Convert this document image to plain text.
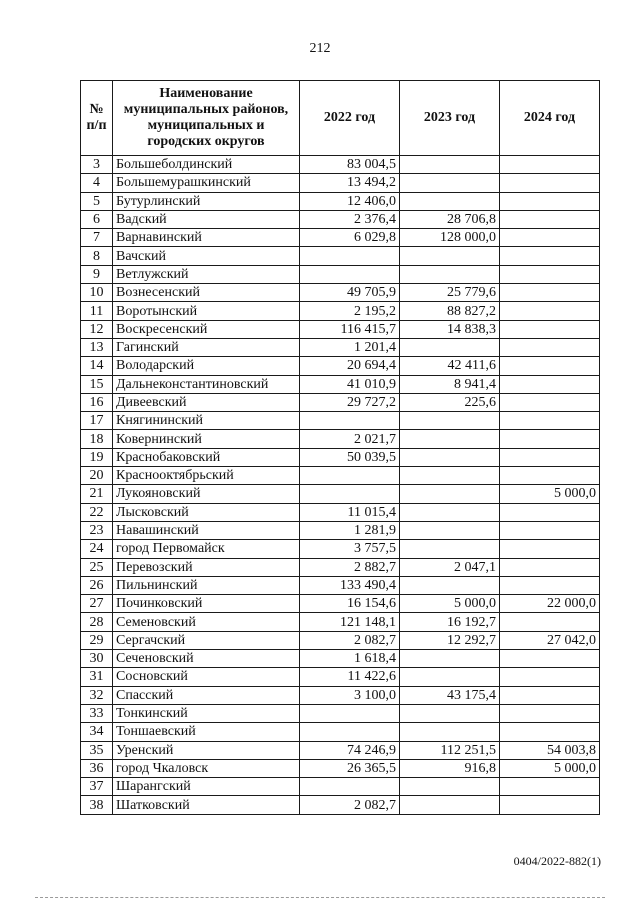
212
№ п/п	Наименование муниципальных районов, муниципальных и городских округов	2022 год	2023 год	2024 год
3	Большеболдинский	83 004,5		
4	Большемурашкинский	13 494,2		
5	Бутурлинский	12 406,0		
6	Вадский	2 376,4	28 706,8	
7	Варнавинский	6 029,8	128 000,0	
8	Вачский			
9	Ветлужский			
10	Вознесенский	49 705,9	25 779,6	
11	Воротынский	2 195,2	88 827,2	
12	Воскресенский	116 415,7	14 838,3	
13	Гагинский	1 201,4		
14	Володарский	20 694,4	42 411,6	
15	Дальнеконстантиновский	41 010,9	8 941,4	
16	Дивеевский	29 727,2	225,6	
17	Княгининский			
18	Ковернинский	2 021,7		
19	Краснобаковский	50 039,5		
20	Краснооктябрьский			
21	Лукояновский			5 000,0
22	Лысковский	11 015,4		
23	Навашинский	1 281,9		
24	город Первомайск	3 757,5		
25	Перевозский	2 882,7	2 047,1	
26	Пильнинский	133 490,4		
27	Починковский	16 154,6	5 000,0	22 000,0
28	Семеновский	121 148,1	16 192,7	
29	Сергачский	2 082,7	12 292,7	27 042,0
30	Сеченовский	1 618,4		
31	Сосновский	11 422,6		
32	Спасский	3 100,0	43 175,4	
33	Тонкинский			
34	Тоншаевский			
35	Уренский	74 246,9	112 251,5	54 003,8
36	город Чкаловск	26 365,5	916,8	5 000,0
37	Шарангский			
38	Шатковский	2 082,7		
0404/2022-882(1)
